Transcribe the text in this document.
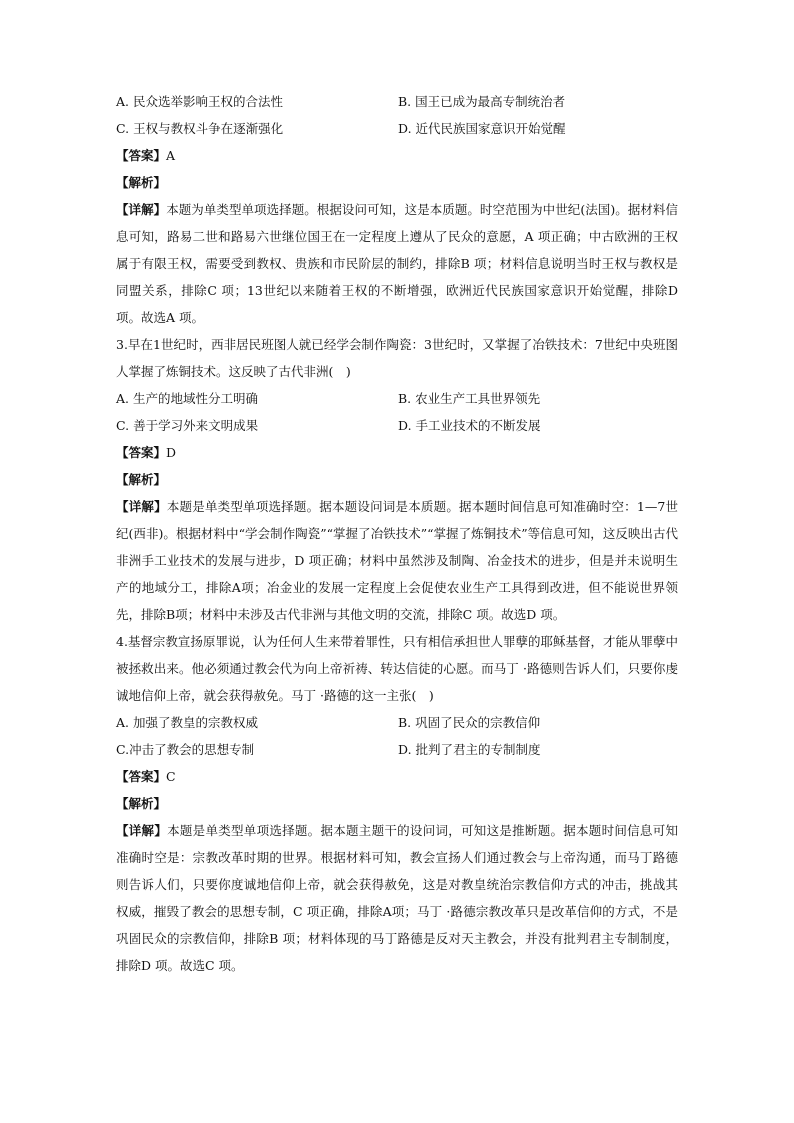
A. 民众选举影响王权的合法性	B. 国王已成为最高专制统治者
C. 王权与教权斗争在逐渐强化	D. 近代民族国家意识开始觉醒
【答案】A
【解析】
【详解】本题为单类型单项选择题。根据设问可知，这是本质题。时空范围为中世纪(法国)。据材料信息可知，路易二世和路易六世继位国王在一定程度上遵从了民众的意愿，A 项正确；中古欧洲的王权属于有限王权，需要受到教权、贵族和市民阶层的制约，排除B 项；材料信息说明当时王权与教权是同盟关系，排除C 项；13世纪以来随着王权的不断增强，欧洲近代民族国家意识开始觉醒，排除D 项。故选A 项。
3.早在1世纪时，西非居民班图人就已经学会制作陶瓷：3世纪时，又掌握了冶铁技术：7世纪中央班图人掌握了炼铜技术。这反映了古代非洲(　)
A. 生产的地域性分工明确	B. 农业生产工具世界领先
C. 善于学习外来文明成果	D. 手工业技术的不断发展
【答案】D
【解析】
【详解】本题是单类型单项选择题。据本题设问词是本质题。据本题时间信息可知准确时空：1—7世纪(西非)。根据材料中“学会制作陶瓷”“掌握了冶铁技术”“掌握了炼铜技术”等信息可知，这反映出古代非洲手工业技术的发展与进步，D 项正确；材料中虽然涉及制陶、冶金技术的进步，但是并未说明生产的地域分工，排除A项；冶金业的发展一定程度上会促使农业生产工具得到改进，但不能说世界领先，排除B项；材料中未涉及古代非洲与其他文明的交流，排除C 项。故选D 项。
4.基督宗教宣扬原罪说，认为任何人生来带着罪性，只有相信承担世人罪孽的耶稣基督，才能从罪孽中被拯救出来。他必须通过教会代为向上帝祈祷、转达信徒的心愿。而马丁 ·路德则告诉人们，只要你虔诚地信仰上帝，就会获得赦免。马丁 ·路德的这一主张(　)
A. 加强了教皇的宗教权威	B. 巩固了民众的宗教信仰
C.冲击了教会的思想专制	D. 批判了君主的专制制度
【答案】C
【解析】
【详解】本题是单类型单项选择题。据本题主题干的设问词，可知这是推断题。据本题时间信息可知准确时空是：宗教改革时期的世界。根据材料可知，教会宣扬人们通过教会与上帝沟通，而马丁路德则告诉人们，只要你度诚地信仰上帝，就会获得赦免，这是对教皇统治宗教信仰方式的冲击，挑战其权威，摧毁了教会的思想专制，C 项正确，排除A项；马丁 ·路德宗教改革只是改革信仰的方式，不是巩固民众的宗教信仰，排除B 项；材料体现的马丁路德是反对天主教会，并没有批判君主专制制度，排除D 项。故选C 项。
